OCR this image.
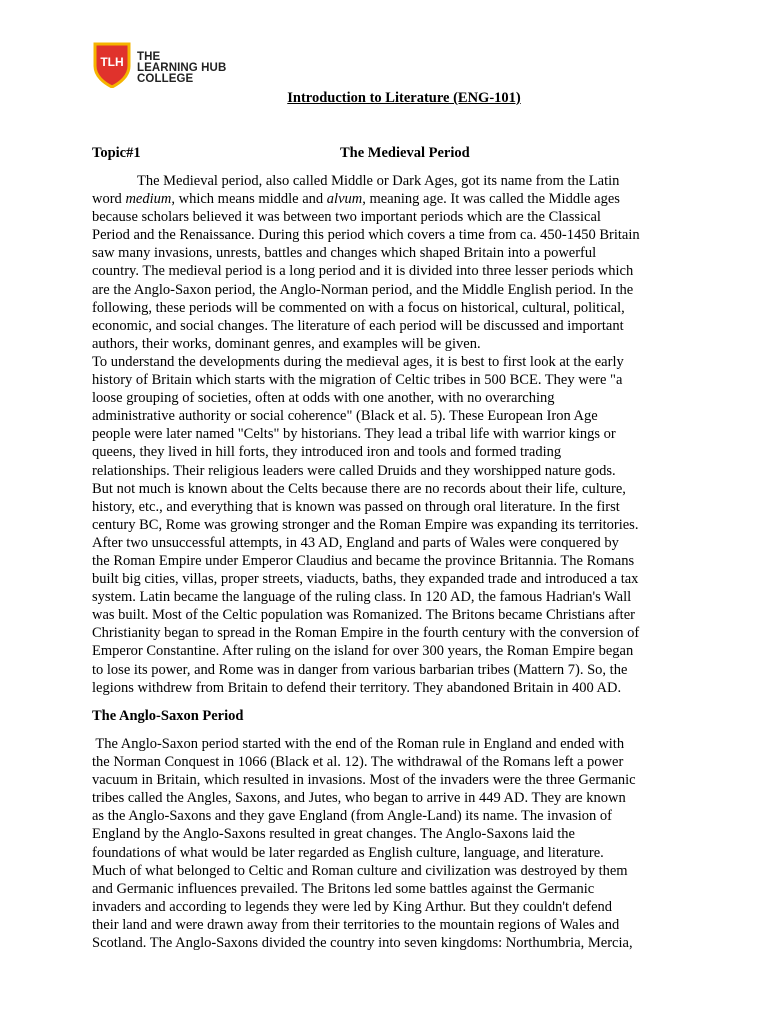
TLH THE
LEARNING HUB
COLLEGE
Introduction to Literature (ENG-101)
Topic#1	The Medieval Period
The Medieval period, also called Middle or Dark Ages, got its name from the Latin
word medium, which means middle and alvum, meaning age. It was called the Middle ages
because scholars believed it was between two important periods which are the Classical
Period and the Renaissance. During this period which covers a time from ca. 450-1450 Britain
saw many invasions, unrests, battles and changes which shaped Britain into a powerful
country. The medieval period is a long period and it is divided into three lesser periods which
are the Anglo-Saxon period, the Anglo-Norman period, and the Middle English period. In the
following, these periods will be commented on with a focus on historical, cultural, political,
economic, and social changes. The literature of each period will be discussed and important
authors, their works, dominant genres, and examples will be given.
To understand the developments during the medieval ages, it is best to first look at the early
history of Britain which starts with the migration of Celtic tribes in 500 BCE. They were "a
loose grouping of societies, often at odds with one another, with no overarching
administrative authority or social coherence" (Black et al. 5). These European Iron Age
people were later named "Celts" by historians. They lead a tribal life with warrior kings or
queens, they lived in hill forts, they introduced iron and tools and formed trading
relationships. Their religious leaders were called Druids and they worshipped nature gods.
But not much is known about the Celts because there are no records about their life, culture,
history, etc., and everything that is known was passed on through oral literature. In the first
century BC, Rome was growing stronger and the Roman Empire was expanding its territories.
After two unsuccessful attempts, in 43 AD, England and parts of Wales were conquered by
the Roman Empire under Emperor Claudius and became the province Britannia. The Romans
built big cities, villas, proper streets, viaducts, baths, they expanded trade and introduced a tax
system. Latin became the language of the ruling class. In 120 AD, the famous Hadrian's Wall
was built. Most of the Celtic population was Romanized. The Britons became Christians after
Christianity began to spread in the Roman Empire in the fourth century with the conversion of
Emperor Constantine. After ruling on the island for over 300 years, the Roman Empire began
to lose its power, and Rome was in danger from various barbarian tribes (Mattern 7). So, the
legions withdrew from Britain to defend their territory. They abandoned Britain in 400 AD.
The Anglo-Saxon Period
The Anglo-Saxon period started with the end of the Roman rule in England and ended with
the Norman Conquest in 1066 (Black et al. 12). The withdrawal of the Romans left a power
vacuum in Britain, which resulted in invasions. Most of the invaders were the three Germanic
tribes called the Angles, Saxons, and Jutes, who began to arrive in 449 AD. They are known
as the Anglo-Saxons and they gave England (from Angle-Land) its name. The invasion of
England by the Anglo-Saxons resulted in great changes. The Anglo-Saxons laid the
foundations of what would be later regarded as English culture, language, and literature.
Much of what belonged to Celtic and Roman culture and civilization was destroyed by them
and Germanic influences prevailed. The Britons led some battles against the Germanic
invaders and according to legends they were led by King Arthur. But they couldn't defend
their land and were drawn away from their territories to the mountain regions of Wales and
Scotland. The Anglo-Saxons divided the country into seven kingdoms: Northumbria, Mercia,
